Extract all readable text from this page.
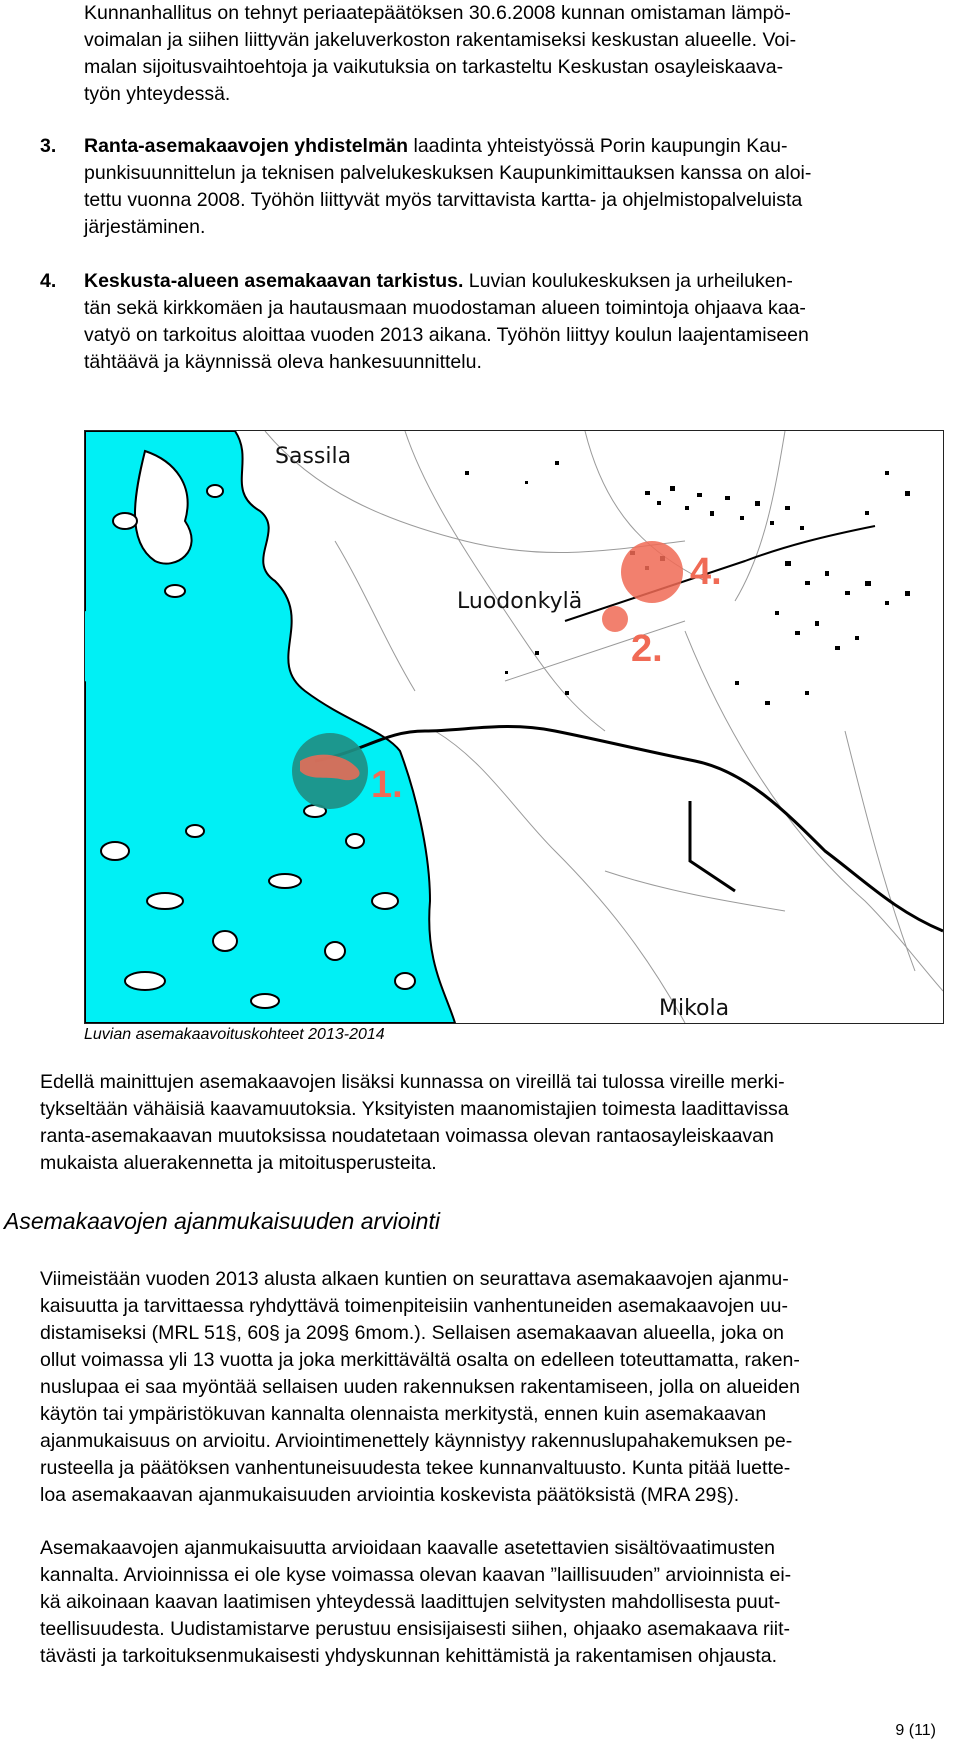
Kunnanhallitus on tehnyt periaatepäätöksen 30.6.2008 kunnan omistaman lämpö-
voimalan ja siihen liittyvän jakeluverkoston rakentamiseksi keskustan alueelle. Voi-
malan sijoitusvaihtoehtoja ja vaikutuksia on tarkasteltu Keskustan osayleiskaava-
työn yhteydessä.
3. Ranta-asemakaavojen yhdistelmän laadinta yhteistyössä Porin kaupungin Kau-
punkisuunnittelun ja teknisen palvelukeskuksen Kaupunkimittauksen kanssa on aloi-
tettu vuonna 2008. Työhön liittyvät myös tarvittavista kartta- ja ohjelmistopalveluista
järjestäminen.
4. Keskusta-alueen asemakaavan tarkistus. Luvian koulukeskuksen ja urheiluken-
tän sekä kirkkomäen ja hautausmaan muodostaman alueen toimintoja ohjaava kaa-
vatyö on tarkoitus aloittaa vuoden 2013 aikana. Työhön liittyy koulun laajentamiseen
tähtäävä ja käynnissä oleva hankesuunnittelu.
Sassila
Luodonkylä
Mikola
1.
2.
4.
Luvian asemakaavoituskohteet 2013-2014
Edellä mainittujen asemakaavojen lisäksi kunnassa on vireillä tai tulossa vireille merki-
tykseltään vähäisiä kaavamuutoksia. Yksityisten maanomistajien toimesta laadittavissa
ranta-asemakaavan muutoksissa noudatetaan voimassa olevan rantaosayleiskaavan
mukaista aluerakennetta ja mitoitusperusteita.
Asemakaavojen ajanmukaisuuden arviointi
Viimeistään vuoden 2013 alusta alkaen kuntien on seurattava asemakaavojen ajanmu-
kaisuutta ja tarvittaessa ryhdyttävä toimenpiteisiin vanhentuneiden asemakaavojen uu-
distamiseksi (MRL 51§, 60§ ja 209§ 6mom.). Sellaisen asemakaavan alueella, joka on
ollut voimassa yli 13 vuotta ja joka merkittävältä osalta on edelleen toteuttamatta, raken-
nuslupaa ei saa myöntää sellaisen uuden rakennuksen rakentamiseen, jolla on alueiden
käytön tai ympäristökuvan kannalta olennaista merkitystä, ennen kuin asemakaavan
ajanmukaisuus on arvioitu. Arviointimenettely käynnistyy rakennuslupahakemuksen pe-
rusteella ja päätöksen vanhentuneisuudesta tekee kunnanvaltuusto. Kunta pitää luette-
loa asemakaavan ajanmukaisuuden arviointia koskevista päätöksistä (MRA 29§).
Asemakaavojen ajanmukaisuutta arvioidaan kaavalle asetettavien sisältövaatimusten
kannalta. Arvioinnissa ei ole kyse voimassa olevan kaavan ”laillisuuden” arvioinnista ei-
kä aikoinaan kaavan laatimisen yhteydessä laadittujen selvitysten mahdollisesta puut-
teellisuudesta. Uudistamistarve perustuu ensisijaisesti siihen, ohjaako asemakaava riit-
tävästi ja tarkoituksenmukaisesti yhdyskunnan kehittämistä ja rakentamisen ohjausta.
9 (11)
